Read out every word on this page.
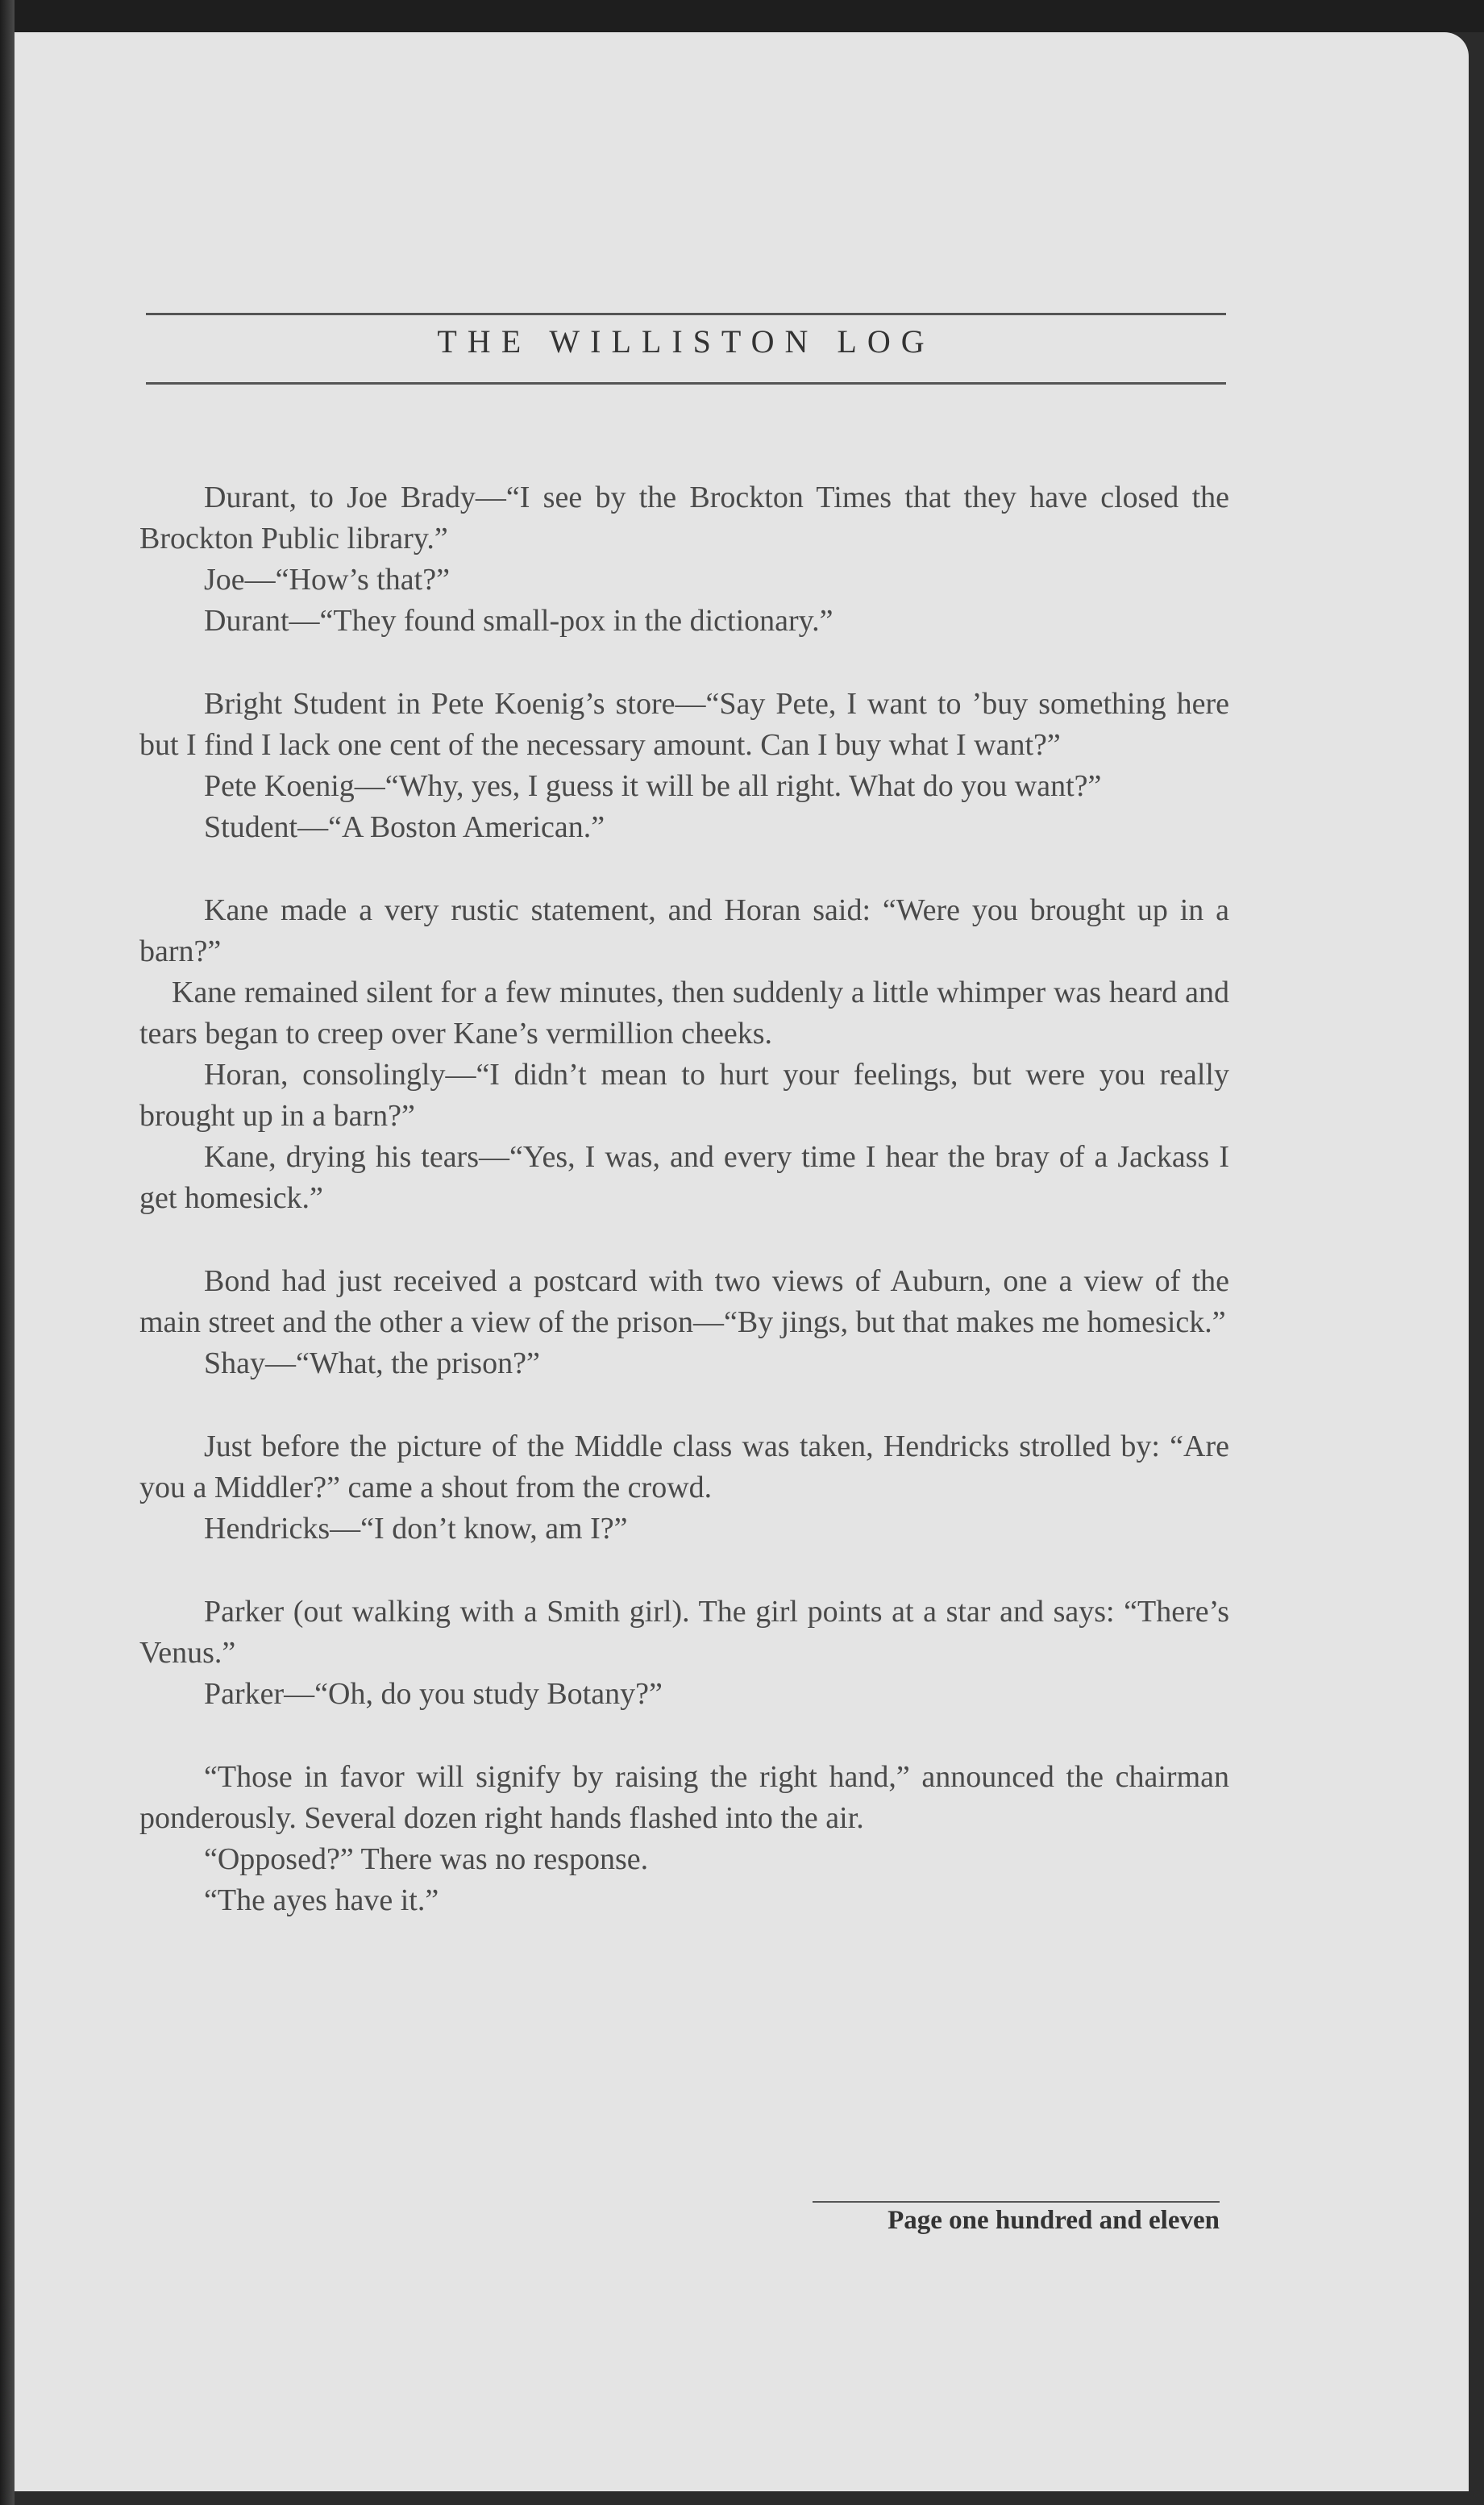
THE WILLISTON LOG

Durant, to Joe Brady—“I see by the Brockton Times that they have closed the Brockton Public library.”

Joe—“How’s that?”

Durant—“They found small-pox in the dictionary.”

Bright Student in Pete Koenig’s store—“Say Pete, I want to ’buy something here but I find I lack one cent of the necessary amount. Can I buy what I want?”

Pete Koenig—“Why, yes, I guess it will be all right. What do you want?”

Student—“A Boston American.”

Kane made a very rustic statement, and Horan said: “Were you brought up in a barn?”

Kane remained silent for a few minutes, then suddenly a little whimper was heard and tears began to creep over Kane’s vermillion cheeks.

Horan, consolingly—“I didn’t mean to hurt your feelings, but were you really brought up in a barn?”

Kane, drying his tears—“Yes, I was, and every time I hear the bray of a Jackass I get homesick.”

Bond had just received a postcard with two views of Auburn, one a view of the main street and the other a view of the prison—“By jings, but that makes me homesick.”

Shay—“What, the prison?”

Just before the picture of the Middle class was taken, Hendricks strolled by: “Are you a Middler?” came a shout from the crowd.

Hendricks—“I don’t know, am I?”

Parker (out walking with a Smith girl). The girl points at a star and says: “There’s Venus.”

Parker—“Oh, do you study Botany?”

“Those in favor will signify by raising the right hand,” announced the chairman ponderously. Several dozen right hands flashed into the air.

“Opposed?” There was no response.

“The ayes have it.”

Page one hundred and eleven
